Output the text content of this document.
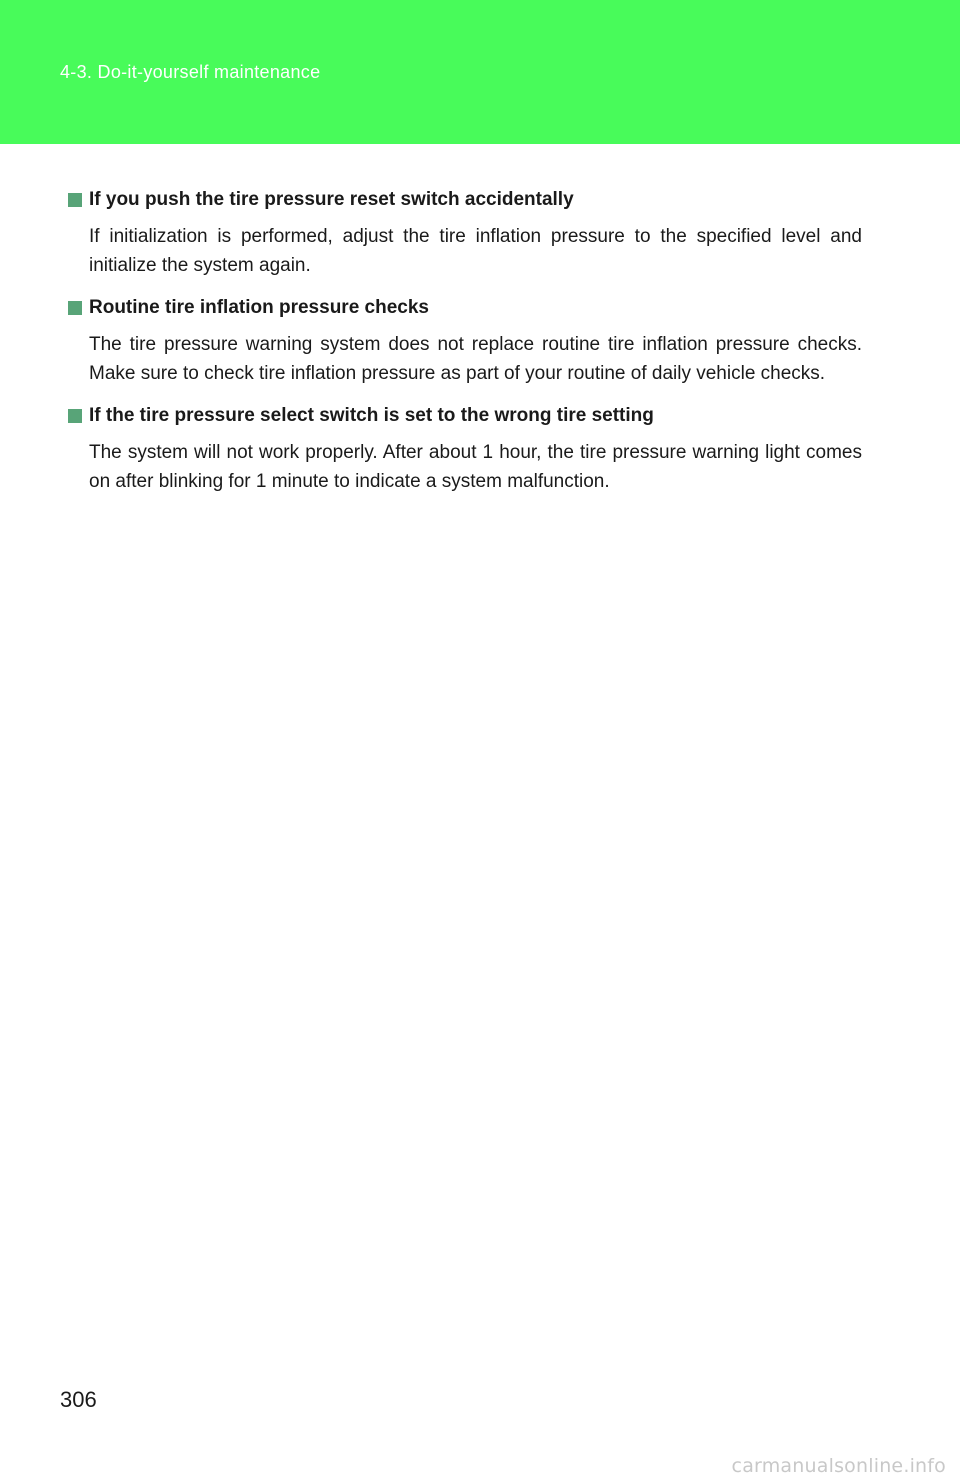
4-3. Do-it-yourself maintenance
If you push the tire pressure reset switch accidentally
If initialization is performed, adjust the tire inflation pressure to the specified level and initialize the system again.
Routine tire inflation pressure checks
The tire pressure warning system does not replace routine tire inflation pressure checks. Make sure to check tire inflation pressure as part of your routine of daily vehicle checks.
If the tire pressure select switch is set to the wrong tire setting
The system will not work properly. After about 1 hour, the tire pressure warning light comes on after blinking for 1 minute to indicate a system malfunction.
306
carmanualsonline.info
